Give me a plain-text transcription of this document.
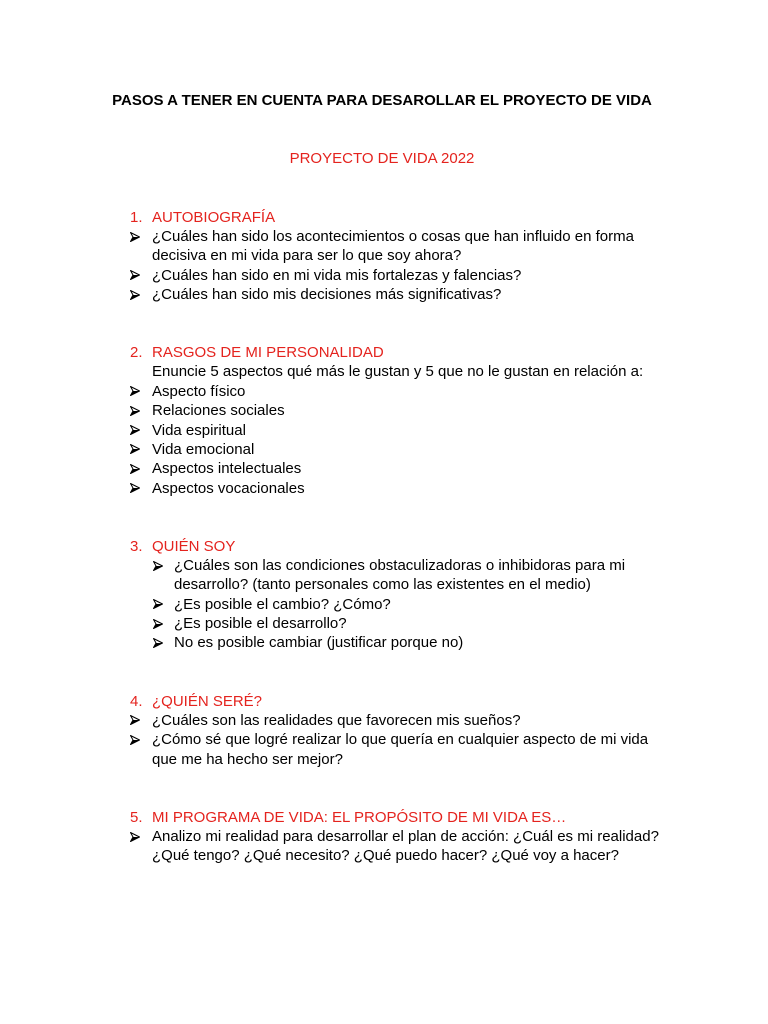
PASOS A TENER EN CUENTA PARA DESAROLLAR EL PROYECTO DE VIDA
PROYECTO DE VIDA 2022
1. AUTOBIOGRAFÍA
¿Cuáles han sido los acontecimientos o cosas que han influido en forma decisiva en mi vida para ser lo que soy ahora?
¿Cuáles han sido en mi vida mis fortalezas y falencias?
¿Cuáles han sido mis decisiones más significativas?
2. RASGOS DE MI PERSONALIDAD
Enuncie 5 aspectos qué más le gustan y 5 que no le gustan en relación a:
Aspecto físico
Relaciones sociales
Vida espiritual
Vida emocional
Aspectos intelectuales
Aspectos vocacionales
3. QUIÉN SOY
¿Cuáles son las condiciones obstaculizadoras o inhibidoras para mi desarrollo? (tanto personales como las existentes en el medio)
¿Es posible el cambio? ¿Cómo?
¿Es posible el desarrollo?
No es posible cambiar (justificar porque no)
4. ¿QUIÉN SERÉ?
¿Cuáles son las realidades que favorecen mis sueños?
¿Cómo sé que logré realizar lo que quería en cualquier aspecto de mi vida que me ha hecho ser mejor?
5. MI PROGRAMA DE VIDA: EL PROPÓSITO DE MI VIDA ES…
Analizo mi realidad para desarrollar el plan de acción: ¿Cuál es mi realidad? ¿Qué tengo? ¿Qué necesito? ¿Qué puedo hacer? ¿Qué voy a hacer?
